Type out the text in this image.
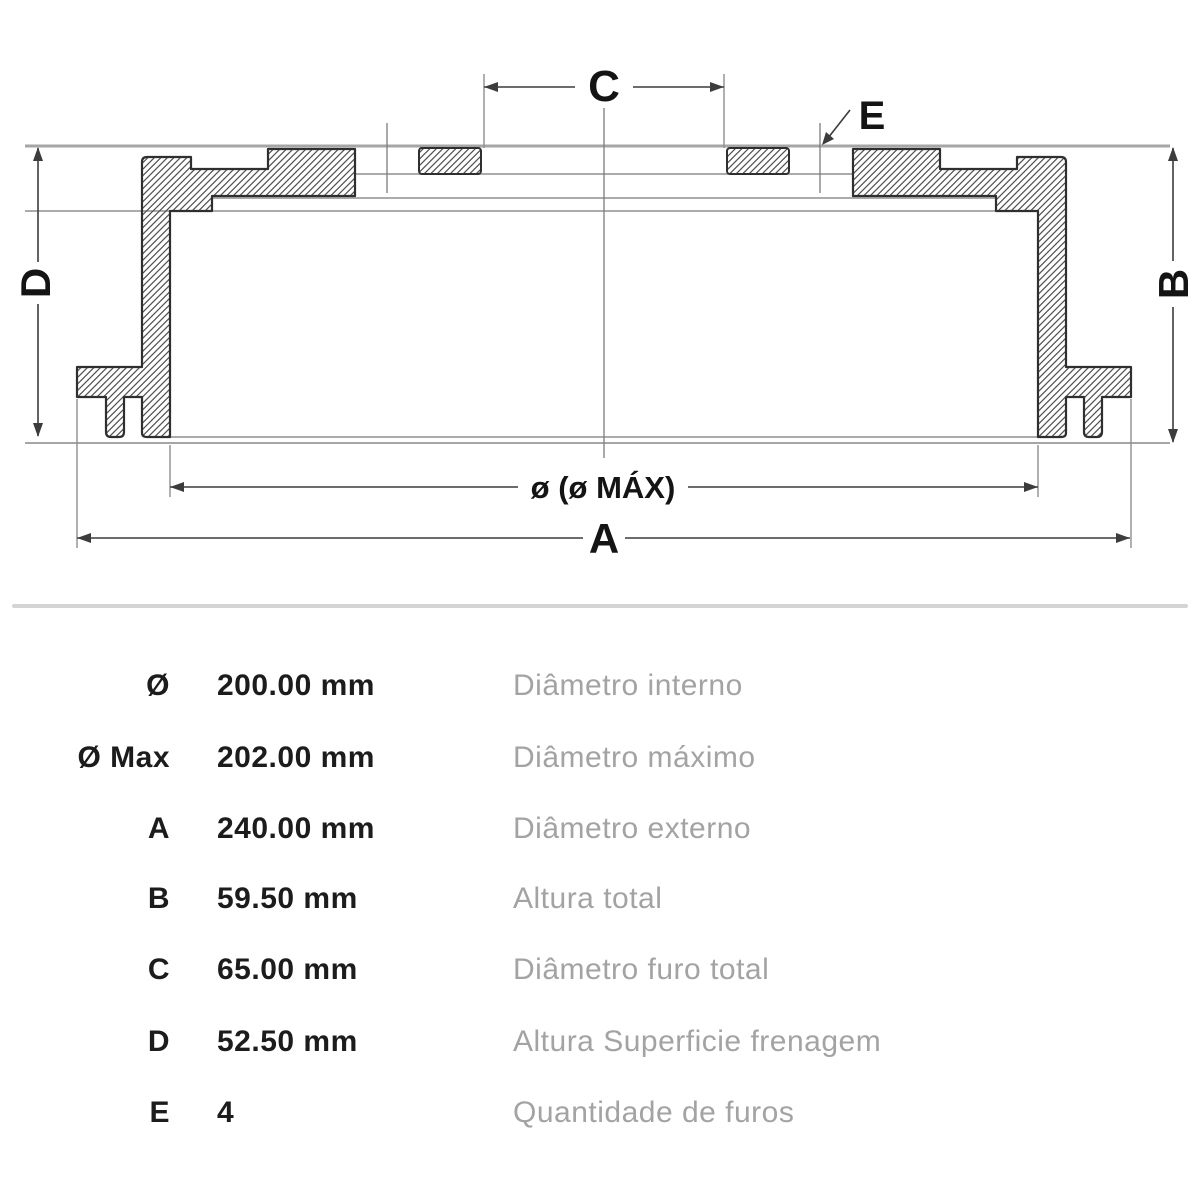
C
E
D	B
ø (ø MÁX)
A
Ø 200.00 mm	Diâmetro interno
Ø Max 202.00 mm	Diâmetro máximo
A 240.00 mm	Diâmetro externo
B 59.50 mm	Altura total
C 65.00 mm	Diâmetro furo total
D 52.50 mm	Altura Superficie frenagem
E 4	Quantidade de furos
